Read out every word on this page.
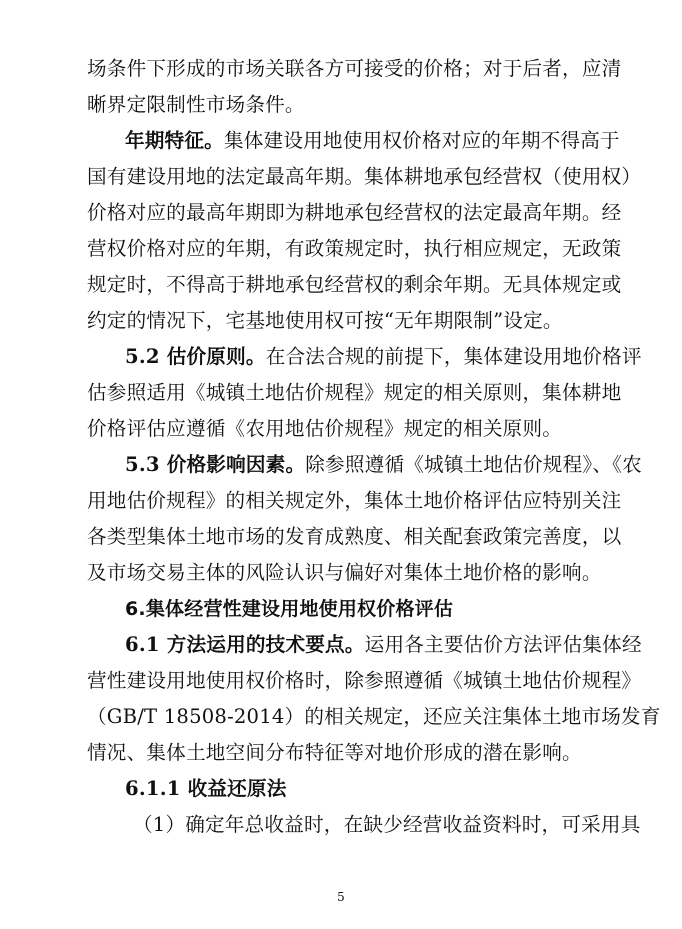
场条件下形成的市场关联各方可接受的价格；对于后者，应清
晰界定限制性市场条件。
年期特征。集体建设用地使用权价格对应的年期不得高于
国有建设用地的法定最高年期。集体耕地承包经营权（使用权）
价格对应的最高年期即为耕地承包经营权的法定最高年期。经
营权价格对应的年期，有政策规定时，执行相应规定，无政策
规定时，不得高于耕地承包经营权的剩余年期。无具体规定或
约定的情况下，宅基地使用权可按“无年期限制”设定。
5.2 估价原则。在合法合规的前提下，集体建设用地价格评
估参照适用《城镇土地估价规程》规定的相关原则，集体耕地
价格评估应遵循《农用地估价规程》规定的相关原则。
5.3 价格影响因素。除参照遵循《城镇土地估价规程》、《农
用地估价规程》的相关规定外，集体土地价格评估应特别关注
各类型集体土地市场的发育成熟度、相关配套政策完善度，以
及市场交易主体的风险认识与偏好对集体土地价格的影响。
6.集体经营性建设用地使用权价格评估
6.1 方法运用的技术要点。运用各主要估价方法评估集体经
营性建设用地使用权价格时，除参照遵循《城镇土地估价规程》
（GB/T 18508-2014）的相关规定，还应关注集体土地市场发育
情况、集体土地空间分布特征等对地价形成的潜在影响。
6.1.1 收益还原法
（1）确定年总收益时，在缺少经营收益资料时，可采用具
5
